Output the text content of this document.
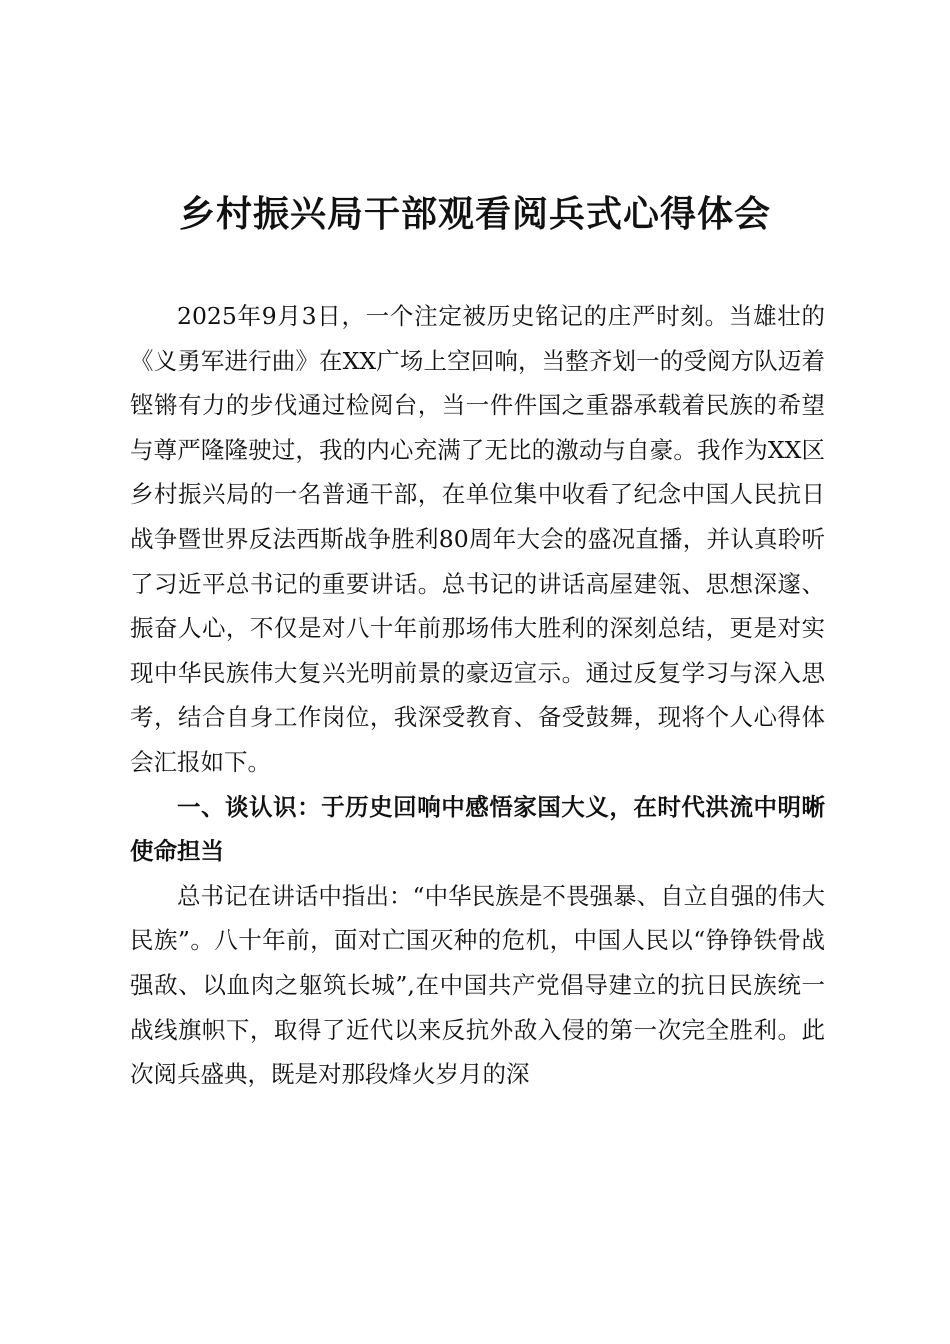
乡村振兴局干部观看阅兵式心得体会

2025年9月3日，一个注定被历史铭记的庄严时刻。当雄壮的《义勇军进行曲》在XX广场上空回响，当整齐划一的受阅方队迈着铿锵有力的步伐通过检阅台，当一件件国之重器承载着民族的希望与尊严隆隆驶过，我的内心充满了无比的激动与自豪。我作为XX区乡村振兴局的一名普通干部，在单位集中收看了纪念中国人民抗日战争暨世界反法西斯战争胜利80周年大会的盛况直播，并认真聆听了习近平总书记的重要讲话。总书记的讲话高屋建瓴、思想深邃、振奋人心，不仅是对八十年前那场伟大胜利的深刻总结，更是对实现中华民族伟大复兴光明前景的豪迈宣示。通过反复学习与深入思考，结合自身工作岗位，我深受教育、备受鼓舞，现将个人心得体会汇报如下。

一、谈认识：于历史回响中感悟家国大义，在时代洪流中明晰使命担当

总书记在讲话中指出：“中华民族是不畏强暴、自立自强的伟大民族”。八十年前，面对亡国灭种的危机，中国人民以“铮铮铁骨战强敌、以血肉之躯筑长城”,在中国共产党倡导建立的抗日民族统一战线旗帜下，取得了近代以来反抗外敌入侵的第一次完全胜利。此次阅兵盛典，既是对那段烽火岁月的深
